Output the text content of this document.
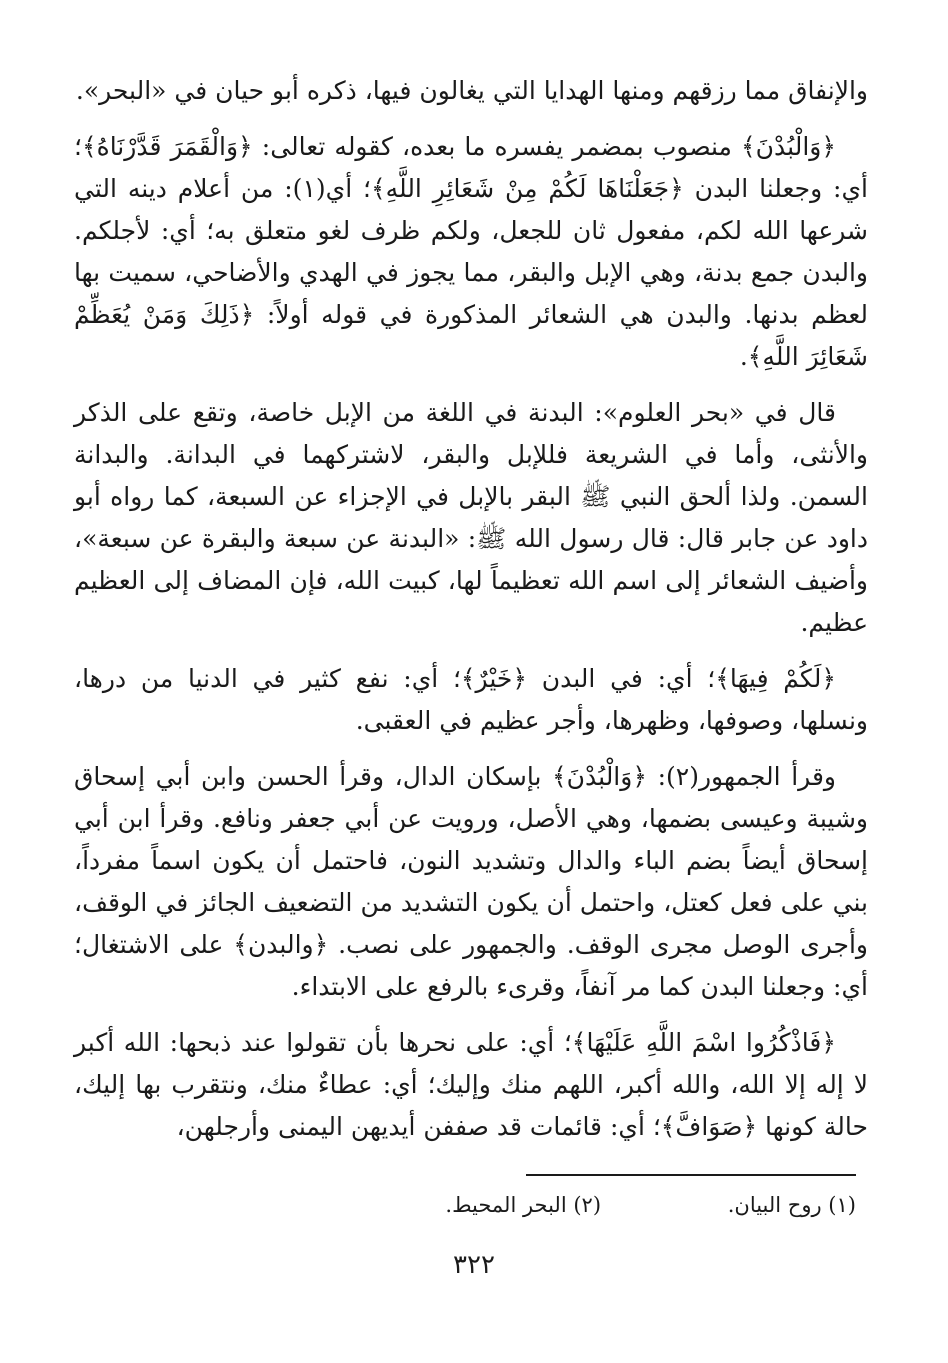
والإنفاق مما رزقهم ومنها الهدايا التي يغالون فيها، ذكره أبو حيان في «البحر».

﴿وَالْبُدْنَ﴾ منصوب بمضمر يفسره ما بعده، كقوله تعالى: ﴿وَالْقَمَرَ قَدَّرْنَاهُ﴾؛ أي: وجعلنا البدن ﴿جَعَلْنَاهَا لَكُمْ مِنْ شَعَائِرِ اللَّهِ﴾؛ أي(١): من أعلام دينه التي شرعها الله لكم، مفعول ثان للجعل، ولكم ظرف لغو متعلق به؛ أي: لأجلكم. والبدن جمع بدنة، وهي الإبل والبقر، مما يجوز في الهدي والأضاحي، سميت بها لعظم بدنها. والبدن هي الشعائر المذكورة في قوله أولاً: ﴿ذَلِكَ وَمَنْ يُعَظِّمْ شَعَائِرَ اللَّهِ﴾.

قال في «بحر العلوم»: البدنة في اللغة من الإبل خاصة، وتقع على الذكر والأنثى، وأما في الشريعة فللإبل والبقر، لاشتركهما في البدانة. والبدانة السمن. ولذا ألحق النبي ﷺ البقر بالإبل في الإجزاء عن السبعة، كما رواه أبو داود عن جابر قال: قال رسول الله ﷺ: «البدنة عن سبعة والبقرة عن سبعة»، وأضيف الشعائر إلى اسم الله تعظيماً لها، كبيت الله، فإن المضاف إلى العظيم عظيم.

﴿لَكُمْ فِيهَا﴾؛ أي: في البدن ﴿خَيْرٌ﴾؛ أي: نفع كثير في الدنيا من درها، ونسلها، وصوفها، وظهرها، وأجر عظيم في العقبى.

وقرأ الجمهور(٢): ﴿وَالْبُدْنَ﴾ بإسكان الدال، وقرأ الحسن وابن أبي إسحاق وشيبة وعيسى بضمها، وهي الأصل، ورويت عن أبي جعفر ونافع. وقرأ ابن أبي إسحاق أيضاً بضم الباء والدال وتشديد النون، فاحتمل أن يكون اسماً مفرداً، بني على فعل كعتل، واحتمل أن يكون التشديد من التضعيف الجائز في الوقف، وأجرى الوصل مجرى الوقف. والجمهور على نصب. ﴿والبدن﴾ على الاشتغال؛ أي: وجعلنا البدن كما مر آنفاً، وقرىء بالرفع على الابتداء.

﴿فَاذْكُرُوا اسْمَ اللَّهِ عَلَيْهَا﴾؛ أي: على نحرها بأن تقولوا عند ذبحها: الله أكبر لا إله إلا الله، والله أكبر، اللهم منك وإليك؛ أي: عطاءٌ منك، ونتقرب بها إليك، حالة كونها ﴿صَوَافَّ﴾؛ أي: قائمات قد صففن أيديهن اليمنى وأرجلهن،

(١) روح البيان. (٢) البحر المحيط.
٣٢٢
